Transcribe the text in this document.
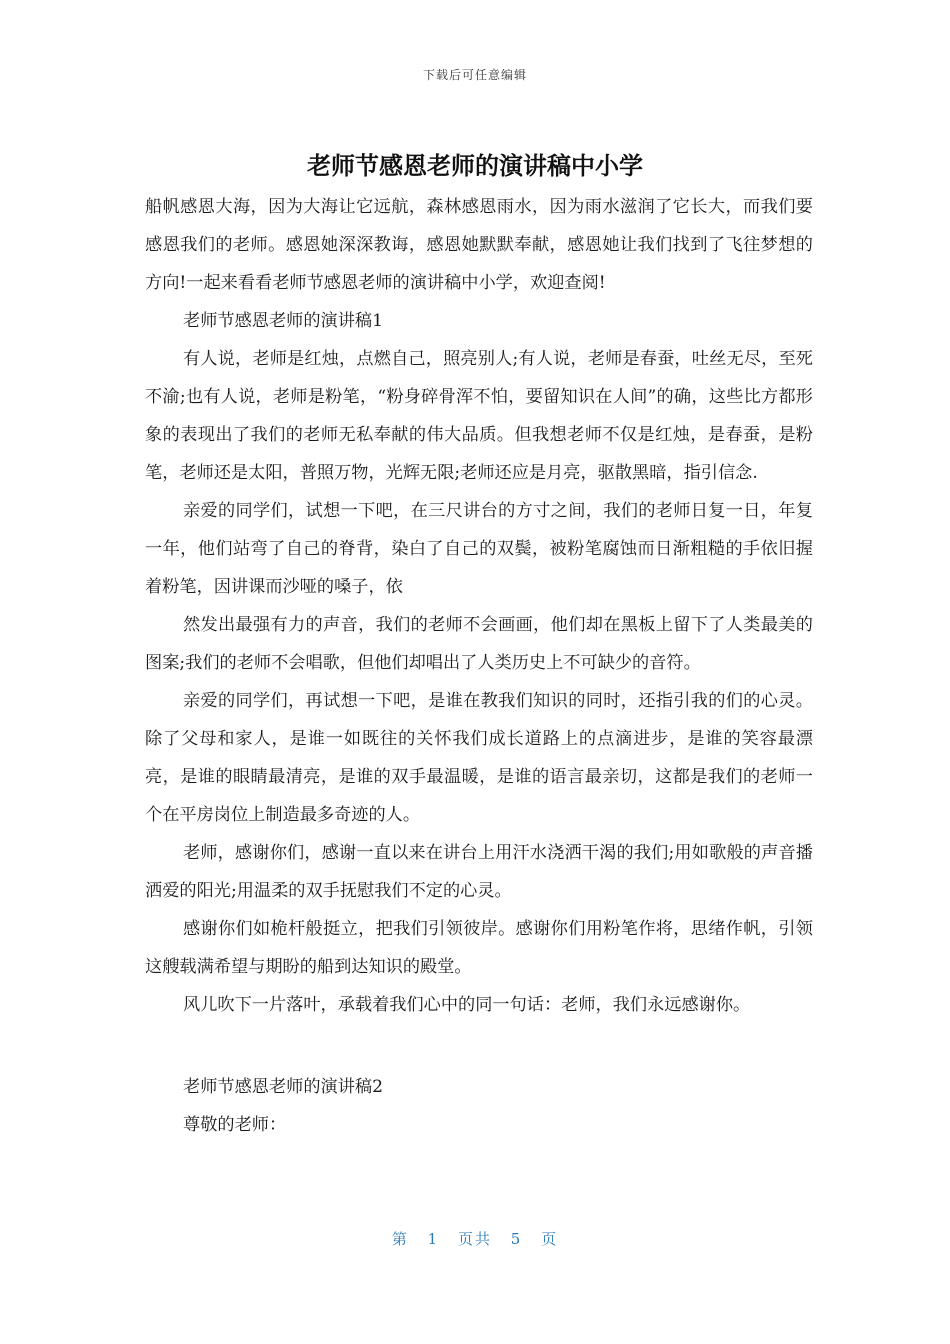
下载后可任意编辑
老师节感恩老师的演讲稿中小学

船帆感恩大海，因为大海让它远航，森林感恩雨水，因为雨水滋润了它长大，而我们要感恩我们的老师。感恩她深深教诲，感恩她默默奉献，感恩她让我们找到了飞往梦想的方向!一起来看看老师节感恩老师的演讲稿中小学，欢迎查阅!

老师节感恩老师的演讲稿1

有人说，老师是红烛，点燃自己，照亮别人;有人说，老师是春蚕，吐丝无尽，至死不渝;也有人说，老师是粉笔，“粉身碎骨浑不怕，要留知识在人间”的确，这些比方都形象的表现出了我们的老师无私奉献的伟大品质。但我想老师不仅是红烛，是春蚕，是粉笔，老师还是太阳，普照万物，光辉无限;老师还应是月亮，驱散黑暗，指引信念.

亲爱的同学们，试想一下吧，在三尺讲台的方寸之间，我们的老师日复一日，年复一年，他们站弯了自己的脊背，染白了自己的双鬓，被粉笔腐蚀而日渐粗糙的手依旧握着粉笔，因讲课而沙哑的嗓子，依

然发出最强有力的声音，我们的老师不会画画，他们却在黑板上留下了人类最美的图案;我们的老师不会唱歌，但他们却唱出了人类历史上不可缺少的音符。

亲爱的同学们，再试想一下吧，是谁在教我们知识的同时，还指引我的们的心灵。除了父母和家人，是谁一如既往的关怀我们成长道路上的点滴进步，是谁的笑容最漂亮，是谁的眼睛最清亮，是谁的双手最温暖，是谁的语言最亲切，这都是我们的老师一个在平房岗位上制造最多奇迹的人。

老师，感谢你们，感谢一直以来在讲台上用汗水浇洒干渴的我们;用如歌般的声音播洒爱的阳光;用温柔的双手抚慰我们不定的心灵。

感谢你们如桅杆般挺立，把我们引领彼岸。感谢你们用粉笔作将，思绪作帆，引领这艘载满希望与期盼的船到达知识的殿堂。

风儿吹下一片落叶，承载着我们心中的同一句话：老师，我们永远感谢你。

老师节感恩老师的演讲稿2

尊敬的老师：

第 1 页共 5 页
